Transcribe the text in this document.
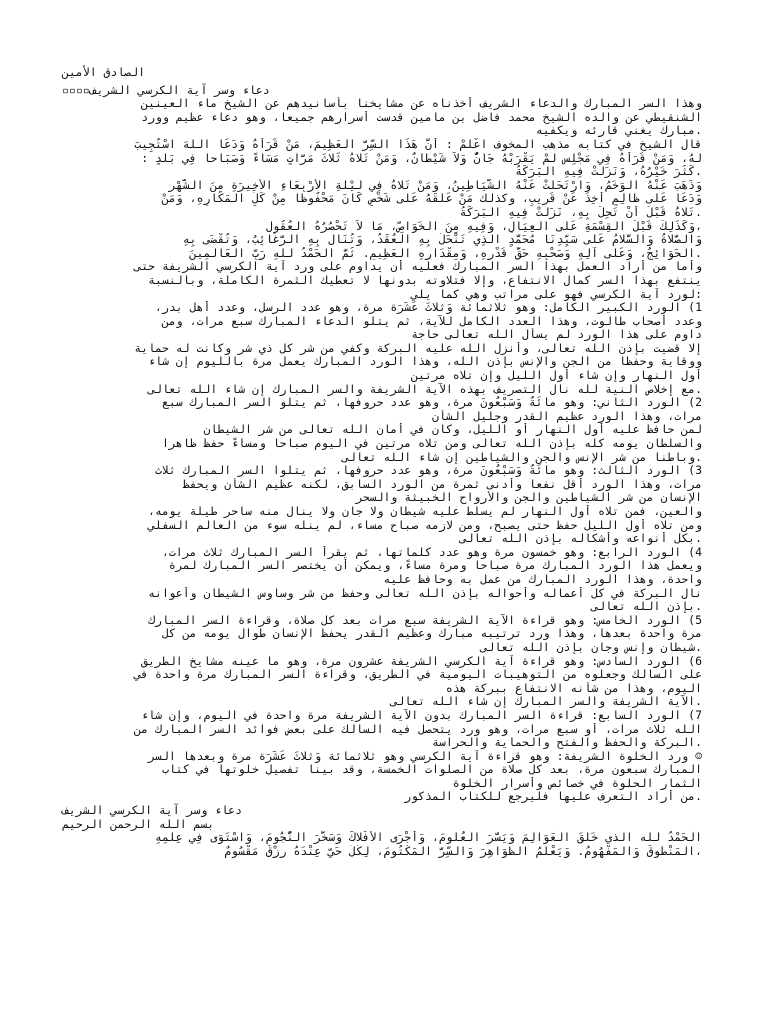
الصادق الأمين
دعاء وسر آية الكرسي الشريف▫▫▫▫
وهذا السر المبارك والدعاء الشريف أخذناه عن مشايخنا بأسانيدهم عن الشيخ ماء العينين
الشنقيطي عن والده الشيخ محمد فاضل بن مامين قدست أسرارهم جميعاً، وهو دعاء عظيم وورد
.مبارك يغني قارئه ويكفيه
قال الشيخ في كتابه مذهب المخوف اعْلَمْ : أنَّ هَذَا السِّرَّ الْعَظِيمَ، مَنْ قَرَأَهُ وَدَعَا اللهَ اسْتُجِيبَ
لَهُ، وَمَنْ قَرَأَهُ فِي مَجْلِسٍ لَمْ يَقْرَبْهُ جَانٌّ وَلاَ شَيْطَانٌ، وَمَنْ تَلاهُ ثَلاثَ مَرَّاتٍ مَسَاءً وَصَبَاحاً فِي بَلَدٍ :
.كَثُرَ خَيْرُهُ، وَنَزَلَتْ فِيهِ الْبَرَكَةُ
وَذَهَبَ عَنْهُ الوَخَمُ، وَارْتَحَلَتْ عَنْهُ الشَّيَاطِينُ، وَمَنْ تَلاهُ فِي لَيْلَةِ الأَرْبِعَاءِ الأَخِيرَةِ مِنَ الشَّهْرِ
وَدَعَا عَلَى ظَالِمٍ أُخِذَ عَنْ قَرِيبٍ، وكذلك مَنْ عَلَّقَهُ عَلَى شَخْصٍ كَانَ مَحْفُوظاً مِنْ كُلِّ الْمَكَارِهِ، وَمَنْ
.تَلاهُ قَبْلَ أَنْ تَحِلَّ بِهِ، نَزَلَتْ فِيهِ الْبَرَكَةُ
،وَكَذَلِكَ قَبْلَ الْقِسْمَةِ عَلَى الْعِيَالِ، وَفِيهِ مِنَ الْخَوَاصِّ، مَا لاَ تَحْصُرُهُ الْعُقُولُ
وَالصَّلاةُ وَالسَّلامُ عَلَى سَيِّدِنَا مُحَمَّدٍ الَّذِي تَنْحَلُّ بِهِ الْعُقَدُ، وَتُنَالُ بِهِ الرَّغَائِبُ، وَتُقْضَى بِهِ
.الْحَوَائِجُ، وَعَلَى آلِهِ وَصَحْبِهِ حَقَّ قَدْرِهِ، وَمِقْدَارِهِ الْعَظِيمِ. ثُمَّ الْحَمْدُ للهِ رَبِّ الْعَالَمِينَ
وأما من أراد العمل بهذا السر المبارك فعليه أن يداوم على ورد آية الكرسي الشريفة حتى
ينتفع بهذا السر كمال الانتفاع، وإلا فتلاوته بدونها لا تعطيك الثمرة الكاملة، وبالنسبة
:لورد آية الكرسي فهو على مراتب وهي كما يلي
1) الورد الكبير الكامل: وهو ثلاثمائة وَثلاثَ عَشَرَة مرة، وهو عدد الرسل، وعدد أهل بدر،
وعدد أصحاب طالوت، وهذا العدد الكامل للآية، ثم يتلو الدعاء المبارك سبع مرات، ومن
داوم على هذا الورد لم يسأل الله تعالى حاجة
إلا قضيت بإذن الله تعالى، وأنزل الله عليه البركة وكفي من شر كل ذي شر وكانت له حماية
ووقاية وحفظا من الجن والإنس بإذن الله، وهذا الورد المبارك يعمل مرة بالليوم إن شاء
أول النهار وإن شاء أول الليل وإن تلاه مرتين
.مع إخلاص النية لله نال التصريف بهذه الآية الشريفة والسر المبارك إن شاء الله تعالى
2) الورد الثاني: وهو مائَةٌ وَسَبْعُونَ مرة، وهو عدد حروفها، ثم يتلو السر المبارك سبع
مرات، وهذا الورد عظيم القدر وجليل الشأن
لمن حافظ عليه أول النهار أو الليل، وكان في أمان الله تعالى من شر الشيطان
والسلطان يومه كله بإذن الله تعالى ومن تلاه مرتين في اليوم صباحاً ومساءً حفظ ظاهراً
.وباطناً من شر الإنس والجن والشياطين إن شاء الله تعالى
3) الورد الثالث: وهو مائَةٌ وَسَبْعُونَ مرة، وهو عدد حروفها، ثم يتلوا السر المبارك ثلاث
مرات، وهذا الورد أقل نفعاً وأدنى ثمرة من الورد السابق، لكنه عظيم الشأن ويحفظ
الإنسان من شر الشياطين والجن والأرواح الخبيثة والسحر
والعين، فمن تلاه أول النهار لم يسلط عليه شيطان ولا جان ولا ينال منه ساحر طيلة يومه،
ومن تلاه أول الليل حفظ حتى يصبح، ومن لازمه صباح مساء، لم ينله سوء من العالم السفلي
.بكل أنواعه وأشكاله بإذن الله تعالى
4) الورد الرابع: وهو خمسون مرة وهو عدد كلماتها، ثم يقرأ السر المبارك ثلاث مرات،
ويعمل هذا الورد المبارك مرة صباحاً ومرة مساءً، ويمكن أن يختصر السر المبارك لمرة
واحدة، وهذا الورد المبارك من عمل به وحافظ عليه
نال البركة في كل أعماله وأحواله بإذن الله تعالى وحفظ من شر وساوس الشيطان وأعوانه
.بإذن الله تعالى
5) الورد الخامس: وهو قراءة الآية الشريفة سبع مرات بعد كل صلاة، وقراءة السر المبارك
مرة واحدة بعدها، وهذا ورد ترتيبه مبارك وعظيم القدر يحفظ الإنسان طوال يومه من كل
.شيطان وإنس وجان بإذن الله تعالى
6) الورد السادس: وهو قراءة آية الكرسي الشريفة عشرون مرة، وهو ما عينه مشايخ الطريق
على السالك وجعلوه من التوهيبات اليومية في الطريق، وقراءة السر المبارك مرة واحدة في
اليوم، وهذا من شأنه الانتفاع ببركة هذه
.الآية الشريفة والسر المبارك إن شاء الله تعالى
7) الورد السابع: قراءة السر المبارك بدون الآية الشريفة مرة واحدة في اليوم، وإن شاء
الله ثلاث مرات، أو سبع مرات، وهو ورد يتحصل فيه السالك على بعض فوائد السر المبارك من
.البركة والحفظ والفتح والحماية والحراسة
☺ ورد الخلوة الشريفة: وهو قراءة آية الكرسي وهو ثلاثمائة وَثلاثَ عَشَرَة مرة وبعدها السر
المبارك سبعون مرة، بعد كل صلاة من الصلوات الخمسة، وقد بينا تفصيل خلوتها في كتاب
الثمار الحلوة في خصائص وأسرار الخلوة
.من أراد التعرف عليها فليرجع للكتاب المذكور
دعاء وسر آية الكرسي الشريف
بسم الله الرحمن الرحيم
الْحَمْدُ لله الذي خَلَقَ الْعَوَالِمَ وَيَسَّرَ الْعُلُومَ، وَأَجْرَى الأَفْلاكَ وَسَخَّرَ النُّجُومَ، وَاسْتَوَى فِي عِلْمِهِ
،الْمَنْطُوقُ وَالْمَفْهُومُ. وَيَعْلَمُ الظَّوَاهِرَ وَالسِّرَّ الْمَكْتُومَ، لِكُلِّ حَيٍّ عِنْدَهُ رِزْقٌ مَقْسُومٌ
